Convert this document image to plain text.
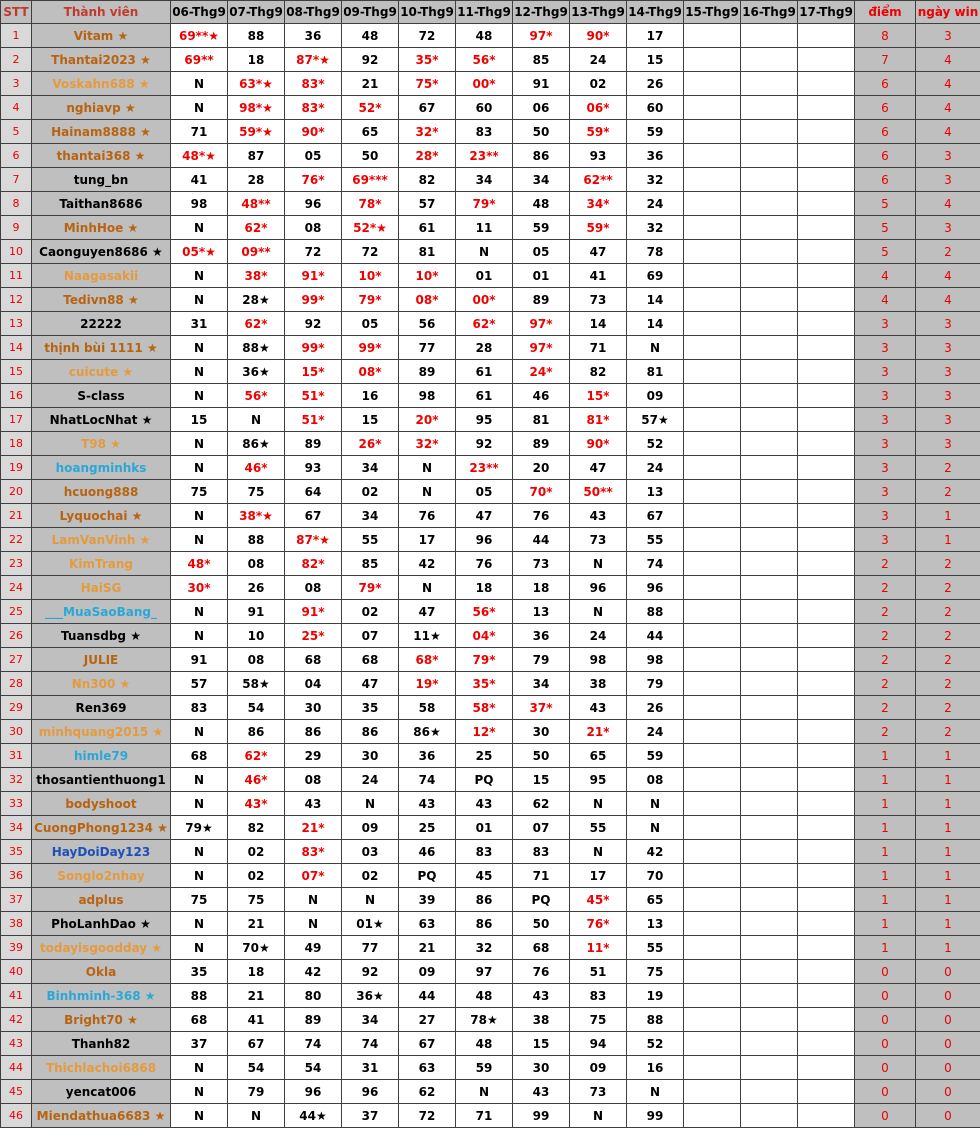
STT	Thành viên	06-Thg9	07-Thg9	08-Thg9	09-Thg9	10-Thg9	11-Thg9	12-Thg9	13-Thg9	14-Thg9	15-Thg9	16-Thg9	17-Thg9	điểm	ngày win
1	Vitam ★	69**★	88	36	48	72	48	97*	90*	17				8	3
2	Thantai2023 ★	69**	18	87*★	92	35*	56*	85	24	15				7	4
3	Voskahn688 ★	N	63*★	83*	21	75*	00*	91	02	26				6	4
4	nghiavp ★	N	98*★	83*	52*	67	60	06	06*	60				6	4
5	Hainam8888 ★	71	59*★	90*	65	32*	83	50	59*	59				6	4
6	thantai368 ★	48*★	87	05	50	28*	23**	86	93	36				6	3
7	tung_bn	41	28	76*	69***	82	34	34	62**	32				6	3
8	Taithan8686	98	48**	96	78*	57	79*	48	34*	24				5	4
9	MinhHoe ★	N	62*	08	52*★	61	11	59	59*	32				5	3
10	Caonguyen8686 ★	05*★	09**	72	72	81	N	05	47	78				5	2
11	Naagasakii	N	38*	91*	10*	10*	01	01	41	69				4	4
12	Tedivn88 ★	N	28★	99*	79*	08*	00*	89	73	14				4	4
13	22222	31	62*	92	05	56	62*	97*	14	14				3	3
14	thịnh bùi 1111 ★	N	88★	99*	99*	77	28	97*	71	N				3	3
15	cuicute ★	N	36★	15*	08*	89	61	24*	82	81				3	3
16	S-class	N	56*	51*	16	98	61	46	15*	09				3	3
17	NhatLocNhat ★	15	N	51*	15	20*	95	81	81*	57★				3	3
18	T98 ★	N	86★	89	26*	32*	92	89	90*	52				3	3
19	hoangminhks	N	46*	93	34	N	23**	20	47	24				3	2
20	hcuong888	75	75	64	02	N	05	70*	50**	13				3	2
21	Lyquochai ★	N	38*★	67	34	76	47	76	43	67				3	1
22	LamVanVinh ★	N	88	87*★	55	17	96	44	73	55				3	1
23	KimTrang	48*	08	82*	85	42	76	73	N	74				2	2
24	HaiSG	30*	26	08	79*	N	18	18	96	96				2	2
25	___MuaSaoBang_	N	91	91*	02	47	56*	13	N	88				2	2
26	Tuansdbg ★	N	10	25*	07	11★	04*	36	24	44				2	2
27	JULIE	91	08	68	68	68*	79*	79	98	98				2	2
28	Nn300 ★	57	58★	04	47	19*	35*	34	38	79				2	2
29	Ren369	83	54	30	35	58	58*	37*	43	26				2	2
30	minhquang2015 ★	N	86	86	86	86★	12*	30	21*	24				2	2
31	himle79	68	62*	29	30	36	25	50	65	59				1	1
32	thosantienthuong1	N	46*	08	24	74	PQ	15	95	08				1	1
33	bodyshoot	N	43*	43	N	43	43	62	N	N				1	1
34	CuongPhong1234 ★	79★	82	21*	09	25	01	07	55	N				1	1
35	HayDoiDay123	N	02	83*	03	46	83	83	N	42				1	1
36	Songlo2nhay	N	02	07*	02	PQ	45	71	17	70				1	1
37	adplus	75	75	N	N	39	86	PQ	45*	65				1	1
38	PhoLanhDao ★	N	21	N	01★	63	86	50	76*	13				1	1
39	todayisgoodday ★	N	70★	49	77	21	32	68	11*	55				1	1
40	Okla	35	18	42	92	09	97	76	51	75				0	0
41	Binhminh-368 ★	88	21	80	36★	44	48	43	83	19				0	0
42	Bright70 ★	68	41	89	34	27	78★	38	75	88				0	0
43	Thanh82	37	67	74	74	67	48	15	94	52				0	0
44	Thichlachoi6868	N	54	54	31	63	59	30	09	16				0	0
45	yencat006	N	79	96	96	62	N	43	73	N				0	0
46	Miendathua6683 ★	N	N	44★	37	72	71	99	N	99				0	0
